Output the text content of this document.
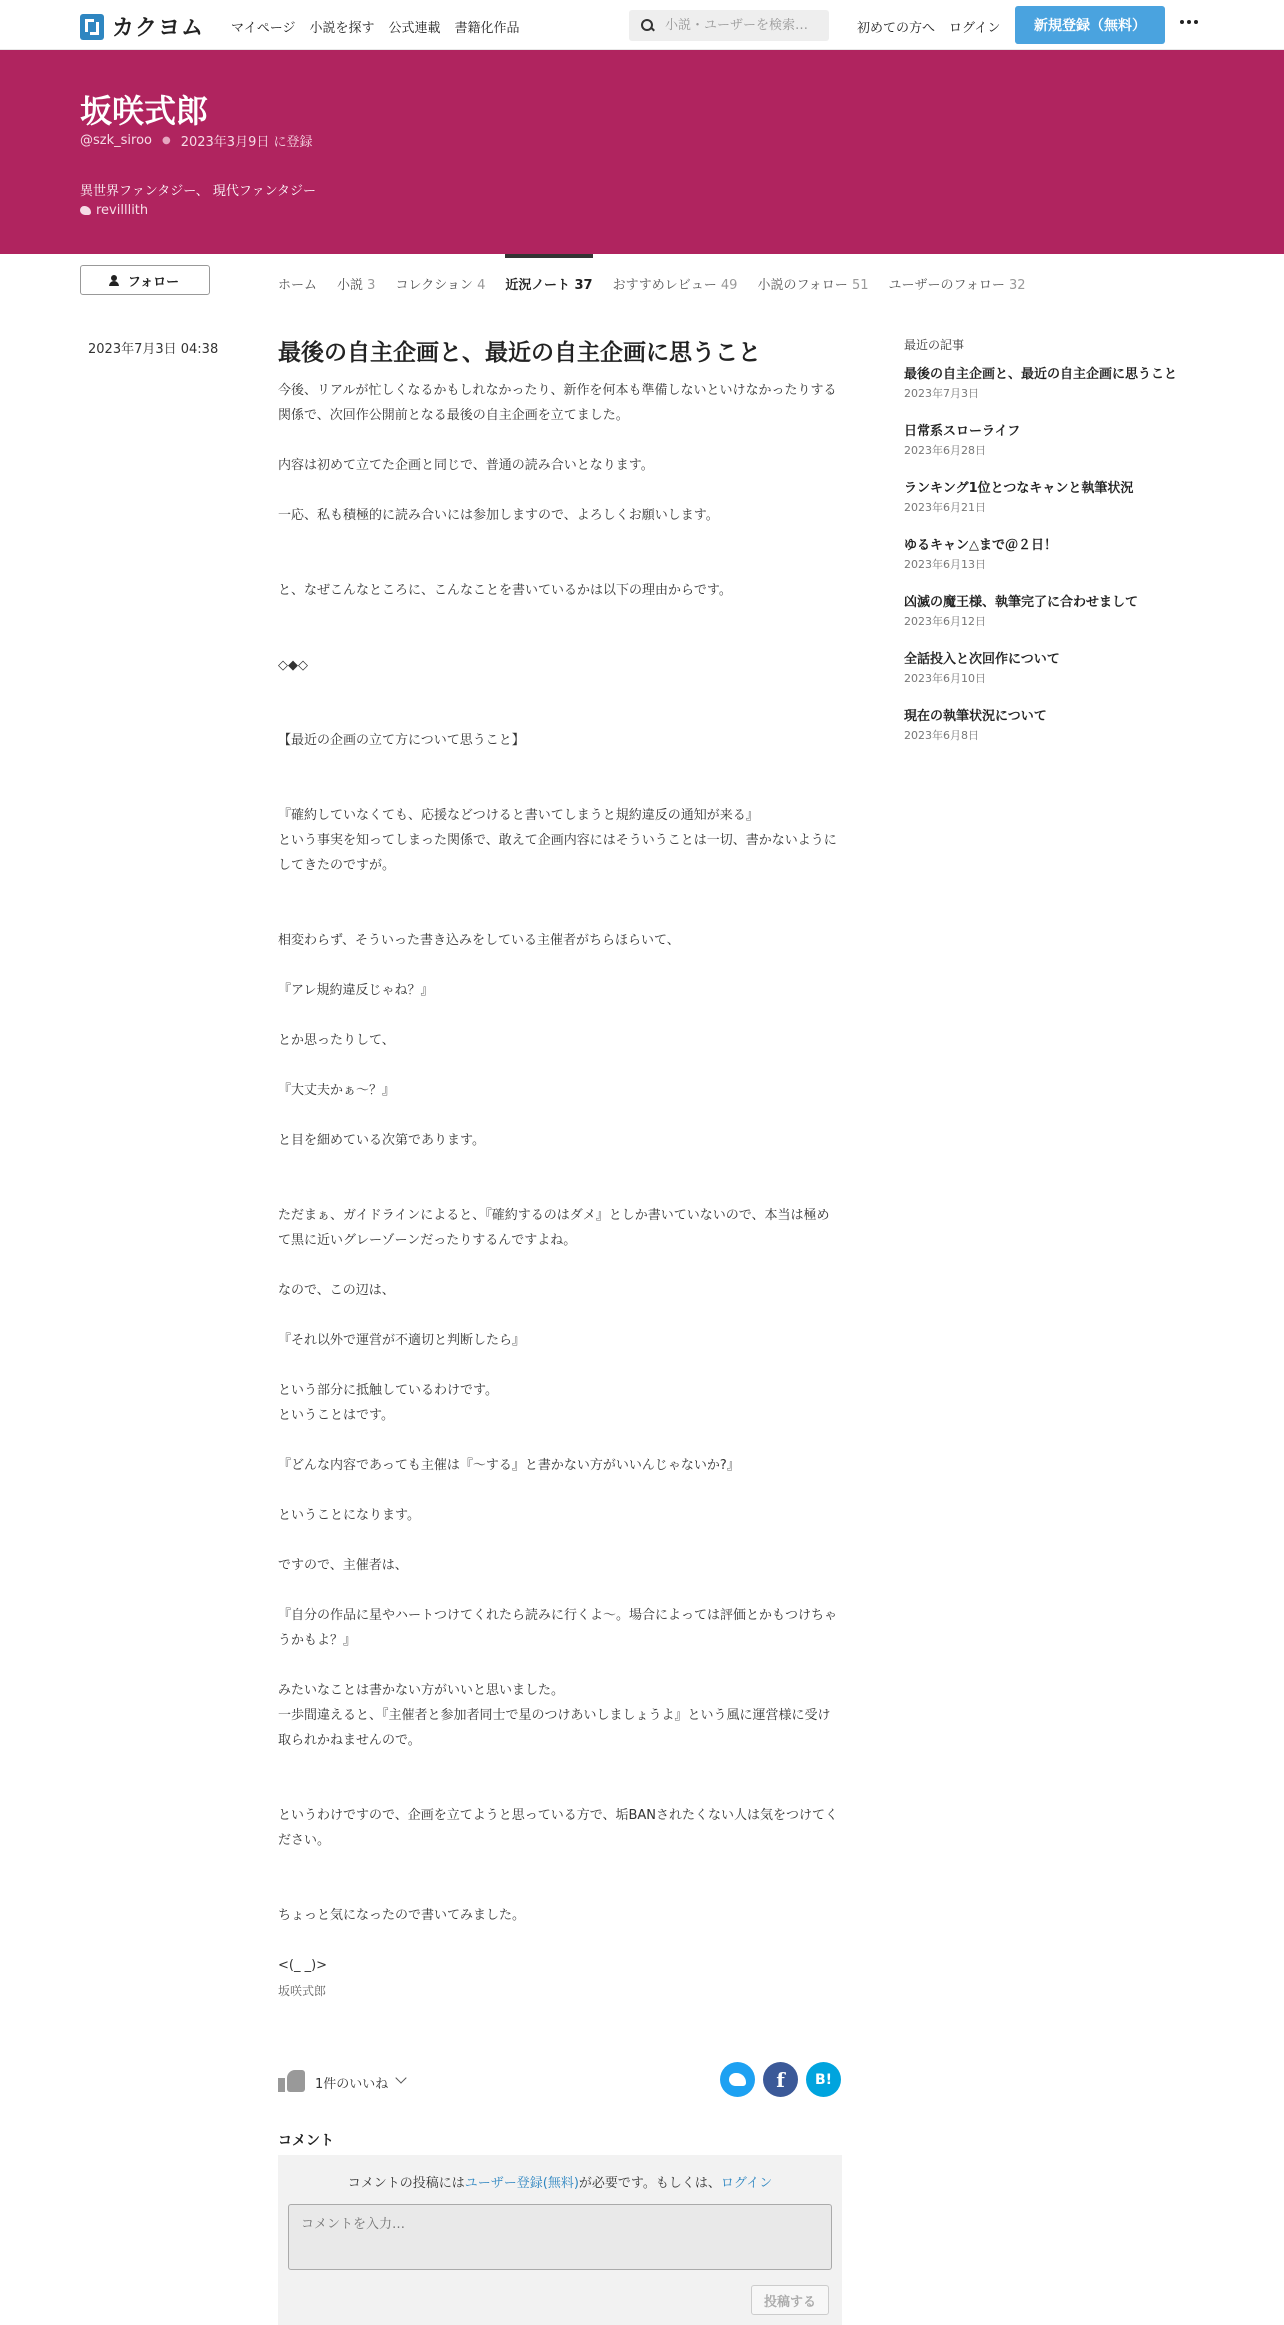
カクヨム マイページ 小説を探す 公式連載 書籍化作品
小説・ユーザーを検索…	初めての方へ ログイン	新規登録（無料）
坂咲式郎
@szk_siroo ● 2023年3月9日 に登録
異世界ファンタジー、 現代ファンタジー
revilllith
フォロー	ホーム 小説 3 コレクション 4 近況ノート 37 おすすめレビュー 49 小説のフォロー 51 ユーザーのフォロー 32
2023年7月3日 04:38	最後の自主企画と、最近の自主企画に思うこと

今後、リアルが忙しくなるかもしれなかったり、新作を何本も準備しないといけなかったりする関係で、次回作公開前となる最後の自主企画を立てました。

内容は初めて立てた企画と同じで、普通の読み合いとなります。

一応、私も積極的に読み合いには参加しますので、よろしくお願いします。

と、なぜこんなところに、こんなことを書いているかは以下の理由からです。

◇◆◇

【最近の企画の立て方について思うこと】

『確約していなくても、応援などつけると書いてしまうと規約違反の通知が来る』

という事実を知ってしまった関係で、敢えて企画内容にはそういうことは一切、書かないようにしてきたのですが。

相変わらず、そういった書き込みをしている主催者がちらほらいて、

『アレ規約違反じゃね？』

とか思ったりして、

『大丈夫かぁ～？』

と目を細めている次第であります。

ただまぁ、ガイドラインによると、『確約するのはダメ』としか書いていないので、本当は極めて黒に近いグレーゾーンだったりするんですよね。

なので、この辺は、

『それ以外で運営が不適切と判断したら』

という部分に抵触しているわけです。

ということはです。

『どんな内容であっても主催は『～する』と書かない方がいいんじゃないか?』

ということになります。

ですので、主催者は、

『自分の作品に星やハートつけてくれたら読みに行くよ～。場合によっては評価とかもつけちゃうかもよ？』

みたいなことは書かない方がいいと思いました。

一歩間違えると、『主催者と参加者同士で星のつけあいしましょうよ』という風に運営様に受け取られかねませんので。

というわけですので、企画を立てようと思っている方で、垢BANされたくない人は気をつけてください。

ちょっと気になったので書いてみました。

<(_ _)>

坂咲式郎
1件のいいね	f B!
コメント
コメントの投稿にはユーザー登録(無料)が必要です。もしくは、ログイン
コメントを入力…
投稿する
最近の記事
最後の自主企画と、最近の自主企画に思うこと
2023年7月3日
日常系スローライフ
2023年6月28日
ランキング1位とつなキャンと執筆状況
2023年6月21日
ゆるキャン△まで＠２日！
2023年6月13日
凶滅の魔王様、執筆完了に合わせまして
2023年6月12日
全話投入と次回作について
2023年6月10日
現在の執筆状況について
2023年6月8日
